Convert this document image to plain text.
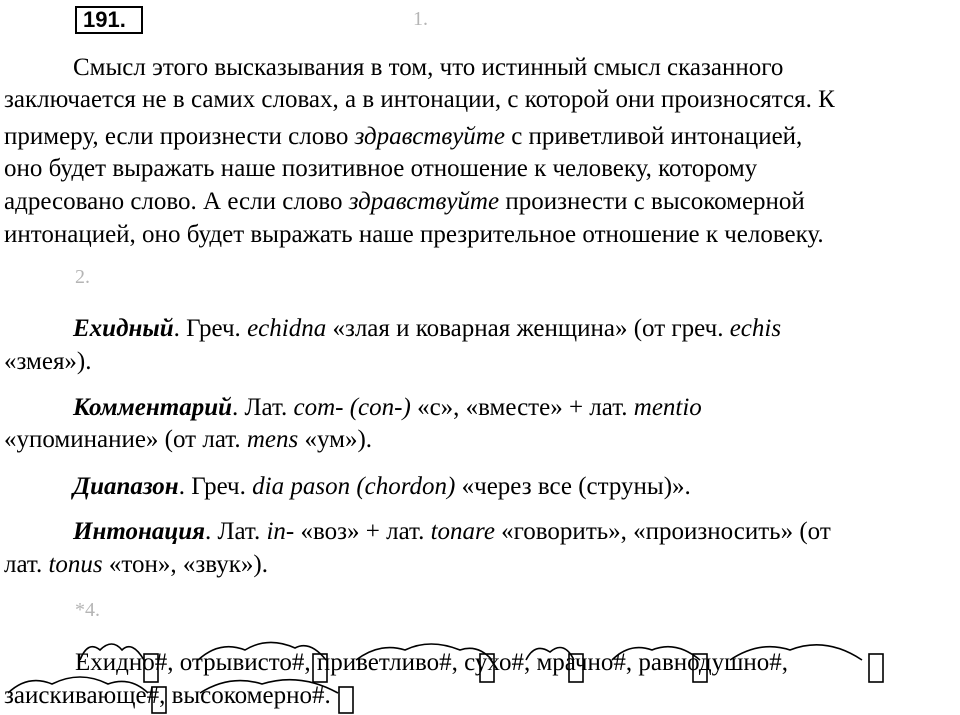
191.	1.
Смысл этого высказывания в том, что истинный смысл сказанного
заключается не в самих словах, а в интонации, с которой они произносятся. К
примеру, если произнести слово здравствуйте с приветливой интонацией,
оно будет выражать наше позитивное отношение к человеку, которому
адресовано слово. А если слово здравствуйте произнести с высокомерной
интонацией, оно будет выражать наше презрительное отношение к человеку.
2.
Ехидный. Греч. echidna «злая и коварная женщина» (от греч. echis
«змея»).
Комментарий. Лат. com- (con-) «с», «вместе» + лат. mentio
«упоминание» (от лат. mens «ум»).
Диапазон. Греч. dia pason (chordon) «через все (струны)».
Интонация. Лат. in- «воз» + лат. tonare «говорить», «произносить» (от
лат. tonus «тон», «звук»).
*4.
Ехидно#, отрывисто#, приветливо#, сухо#, мрачно#, равнодушно#,
заискивающе#, высокомерно#.
